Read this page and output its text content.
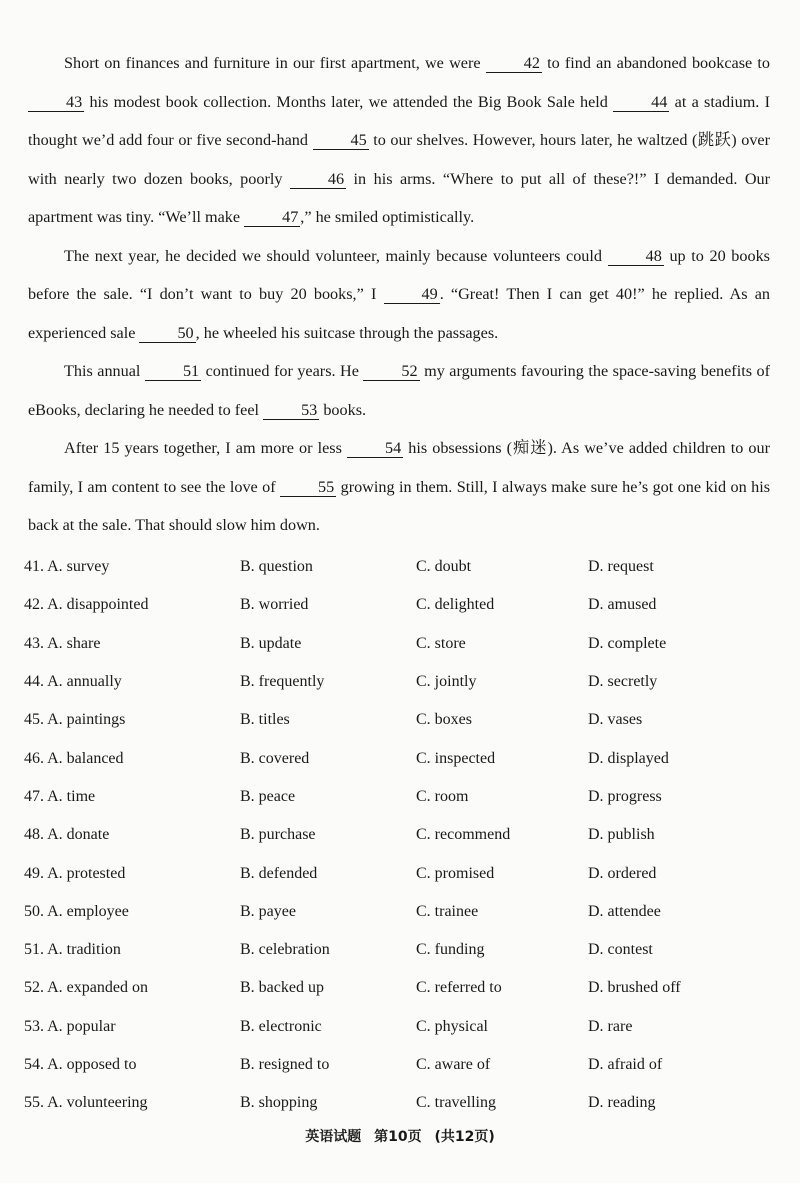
Short on finances and furniture in our first apartment, we were 42 to find an abandoned bookcase to 43 his modest book collection. Months later, we attended the Big Book Sale held 44 at a stadium. I thought we’d add four or five second-hand 45 to our shelves. However, hours later, he waltzed (跳跃) over with nearly two dozen books, poorly 46 in his arms. “Where to put all of these?!” I demanded. Our apartment was tiny. “We’ll make 47 ,” he smiled optimistically.

The next year, he decided we should volunteer, mainly because volunteers could 48 up to 20 books before the sale. “I don’t want to buy 20 books,” I 49 . “Great! Then I can get 40!” he replied. As an experienced sale 50 , he wheeled his suitcase through the passages.

This annual 51 continued for years. He 52 my arguments favouring the space-saving benefits of eBooks, declaring he needed to feel 53 books.

After 15 years together, I am more or less 54 his obsessions (痴迷). As we’ve added children to our family, I am content to see the love of 55 growing in them. Still, I always make sure he’s got one kid on his back at the sale. That should slow him down.

41. A. survey	B. question	C. doubt	D. request
42. A. disappointed	B. worried	C. delighted	D. amused
43. A. share	B. update	C. store	D. complete
44. A. annually	B. frequently	C. jointly	D. secretly
45. A. paintings	B. titles	C. boxes	D. vases
46. A. balanced	B. covered	C. inspected	D. displayed
47. A. time	B. peace	C. room	D. progress
48. A. donate	B. purchase	C. recommend	D. publish
49. A. protested	B. defended	C. promised	D. ordered
50. A. employee	B. payee	C. trainee	D. attendee
51. A. tradition	B. celebration	C. funding	D. contest
52. A. expanded on	B. backed up	C. referred to	D. brushed off
53. A. popular	B. electronic	C. physical	D. rare
54. A. opposed to	B. resigned to	C. aware of	D. afraid of
55. A. volunteering	B. shopping	C. travelling	D. reading
英语试题 第10页 (共12页)
